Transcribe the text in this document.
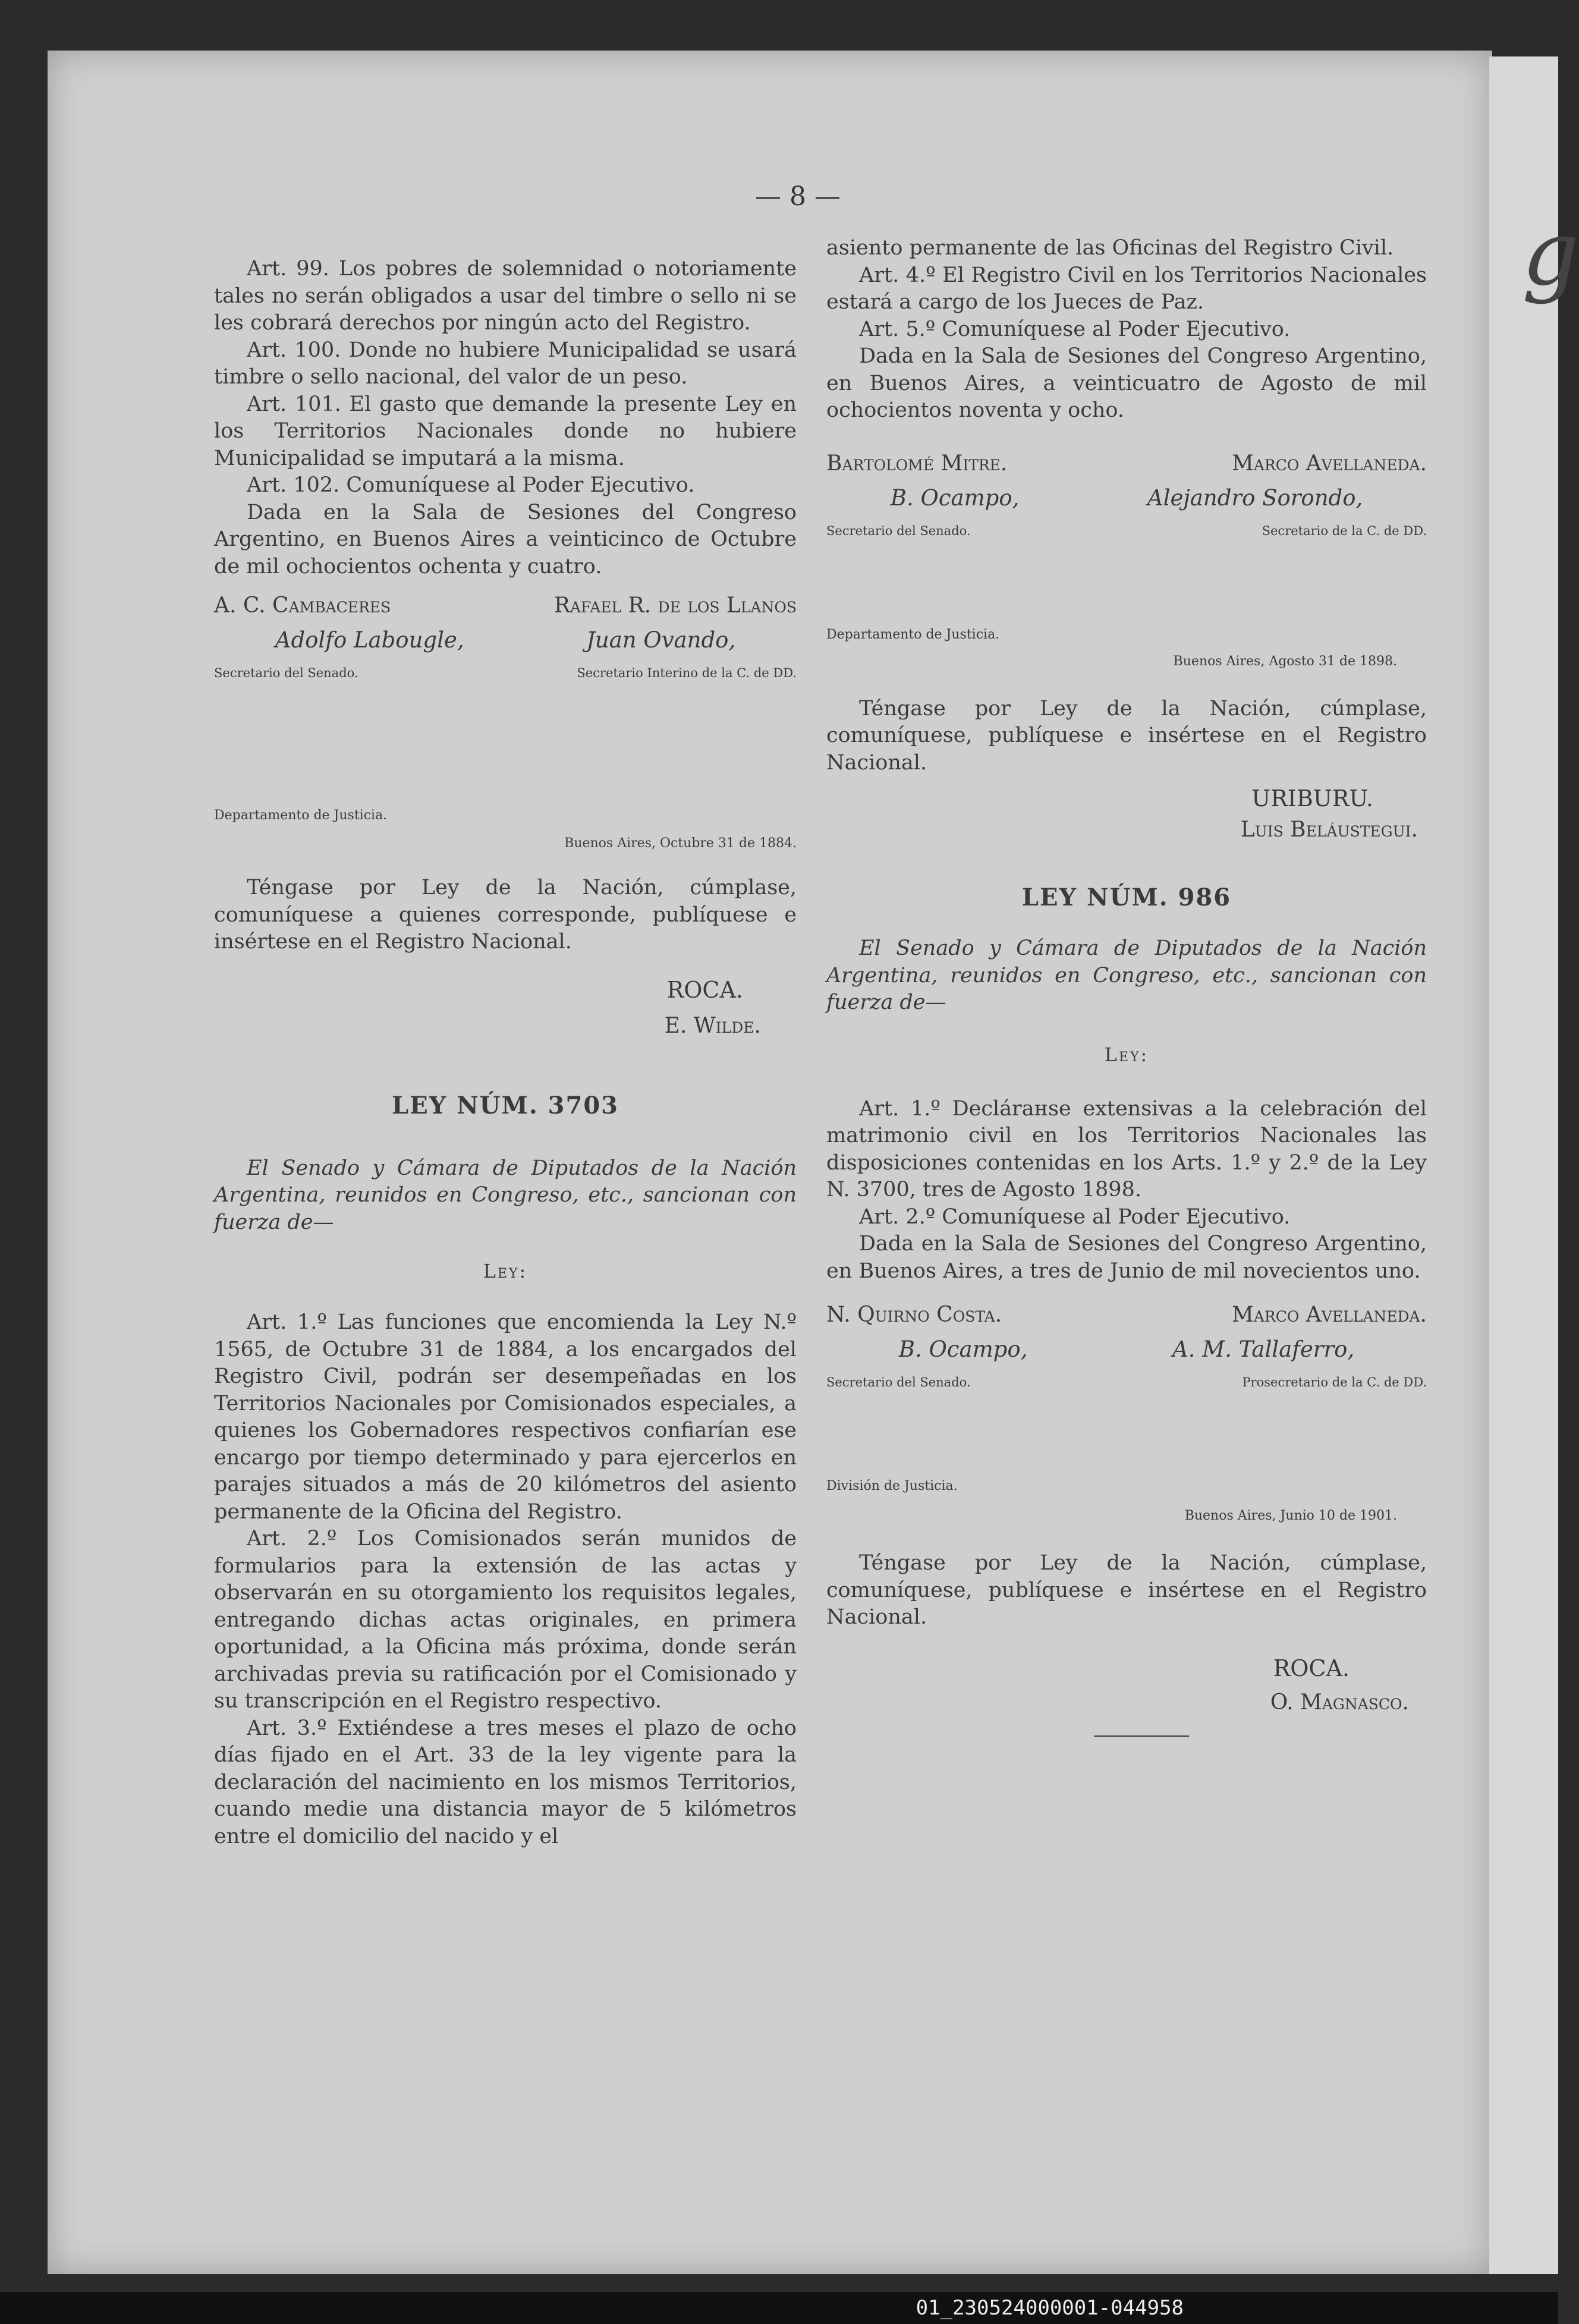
g
— 8 —

Art. 99. Los pobres de solemnidad o notoriamente tales no serán obligados a usar del timbre o sello ni se les cobrará derechos por ningún acto del Registro.

Art. 100. Donde no hubiere Municipalidad se usará timbre o sello nacional, del valor de un peso.

Art. 101. El gasto que demande la presente Ley en los Territorios Nacionales donde no hubiere Municipalidad se imputará a la misma.

Art. 102. Comuníquese al Poder Ejecutivo.

Dada en la Sala de Sesiones del Congreso Argentino, en Buenos Aires a veinticinco de Octubre de mil ochocientos ochenta y cuatro.

A. C. Cambaceres	Rafael R. de los Llanos
Adolfo Labougle,	Juan Ovando,
Secretario del Senado.	Secretario Interino de la C. de DD.

Departamento de Justicia.

Buenos Aires, Octubre 31 de 1884.

Téngase por Ley de la Nación, cúmplase, comuníquese a quienes corresponde, publíquese e insértese en el Registro Nacional.

ROCA.

E. Wilde.

LEY NÚM. 3703

El Senado y Cámara de Diputados de la Nación Argentina, reunidos en Congreso, etc., sancionan con fuerza de—

Ley:

Art. 1.º Las funciones que encomienda la Ley N.º 1565, de Octubre 31 de 1884, a los encargados del Registro Civil, podrán ser desempeñadas en los Territorios Nacionales por Comisionados especiales, a quienes los Gobernadores respectivos confiarían ese encargo por tiempo determinado y para ejercerlos en parajes situados a más de 20 kilómetros del asiento permanente de la Oficina del Registro.

Art. 2.º Los Comisionados serán munidos de formularios para la extensión de las actas y observarán en su otorgamiento los requisitos legales, entregando dichas actas originales, en primera oportunidad, a la Oficina más próxima, donde serán archivadas previa su ratificación por el Comisionado y su transcripción en el Registro respectivo.

Art. 3.º Extiéndese a tres meses el plazo de ocho días fijado en el Art. 33 de la ley vigente para la declaración del nacimiento en los mismos Territorios, cuando medie una distancia mayor de 5 kilómetros entre el domicilio del nacido y el

asiento permanente de las Oficinas del Registro Civil.

Art. 4.º El Registro Civil en los Territorios Nacionales estará a cargo de los Jueces de Paz.

Art. 5.º Comuníquese al Poder Ejecutivo.

Dada en la Sala de Sesiones del Congreso Argentino, en Buenos Aires, a veinticuatro de Agosto de mil ochocientos noventa y ocho.

Bartolomé Mitre.	Marco Avellaneda.
B. Ocampo,	Alejandro Sorondo,
Secretario del Senado.	Secretario de la C. de DD.

Departamento de Justicia.

Buenos Aires, Agosto 31 de 1898.

Téngase por Ley de la Nación, cúmplase, comuníquese, publíquese e insértese en el Registro Nacional.

URIBURU.

Luis Beláustegui.

LEY NÚM. 986

El Senado y Cámara de Diputados de la Nación Argentina, reunidos en Congreso, etc., sancionan con fuerza de—

Ley:

Art. 1.º Declárанse extensivas a la celebración del matrimonio civil en los Territorios Nacionales las disposiciones contenidas en los Arts. 1.º y 2.º de la Ley N. 3700, tres de Agosto 1898.

Art. 2.º Comuníquese al Poder Ejecutivo.

Dada en la Sala de Sesiones del Congreso Argentino, en Buenos Aires, a tres de Junio de mil novecientos uno.

N. Quirno Costa.	Marco Avellaneda.
B. Ocampo,	A. M. Tallaferro,
Secretario del Senado.	Prosecretario de la C. de DD.

División de Justicia.

Buenos Aires, Junio 10 de 1901.

Téngase por Ley de la Nación, cúmplase, comuníquese, publíquese e insértese en el Registro Nacional.

ROCA.

O. Magnasco.

01_230524000001-044958
